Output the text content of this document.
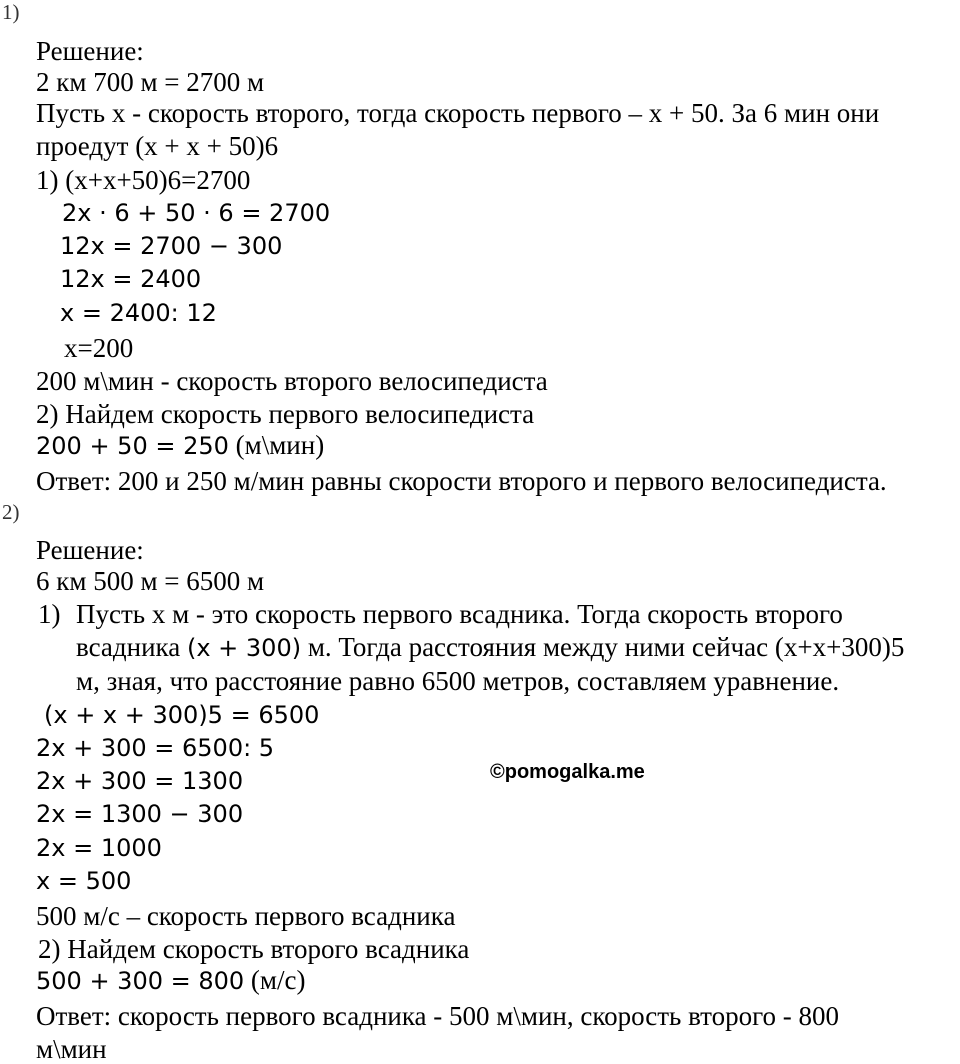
1)
Решение:
2 км 700 м = 2700 м
Пусть x - скорость второго, тогда скорость первого – x + 50. За 6 мин они
проедут (x + x + 50)6
1) (x+x+50)6=2700
2x · 6 + 50 · 6 = 2700
12x = 2700 − 300
12x = 2400
x = 2400: 12
x=200
200 м\мин - скорость второго велосипедиста
2) Найдем скорость первого велосипедиста
200 + 50 = 250 (м\мин)
Ответ: 200 и 250 м/мин равны скорости второго и первого велосипедиста.
2)
Решение:
6 км 500 м = 6500 м
1) Пусть x м - это скорость первого всадника. Тогда скорость второго
всадника (x + 300) м. Тогда расстояния между ними сейчас (x+x+300)5
м, зная, что расстояние равно 6500 метров, составляем уравнение.
(x + x + 300)5 = 6500
2x + 300 = 6500: 5
2x + 300 = 1300
2x = 1300 − 300
2x = 1000
x = 500
500 м/с – скорость первого всадника
2) Найдем скорость второго всадника
500 + 300 = 800 (м/с)
Ответ: скорость первого всадника - 500 м\мин, скорость второго - 800
м\мин
©pomogalka.me
